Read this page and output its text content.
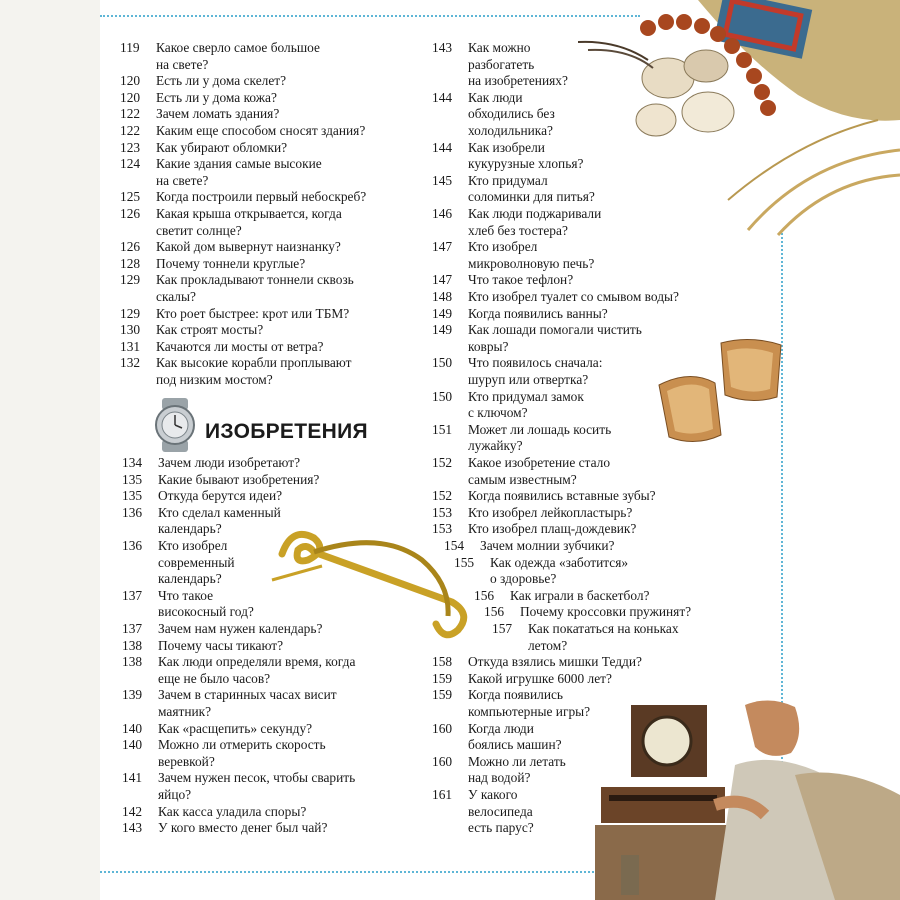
ИЗОБРЕТЕНИЯ
119	Какое сверло самое большое
на свете?
120	Есть ли у дома скелет?
120	Есть ли у дома кожа?
122	Зачем ломать здания?
122	Каким еще способом сносят здания?
123	Как убирают обломки?
124	Какие здания самые высокие
на свете?
125	Когда построили первый небоскреб?
126	Какая крыша открывается, когда
светит солнце?
126	Какой дом вывернут наизнанку?
128	Почему тоннели круглые?
129	Как прокладывают тоннели сквозь
скалы?
129	Кто роет быстрее: крот или ТБМ?
130	Как строят мосты?
131	Качаются ли мосты от ветра?
132	Как высокие корабли проплывают
под низким мостом?
134	Зачем люди изобретают?
135	Какие бывают изобретения?
135	Откуда берутся идеи?
136	Кто сделал каменный
календарь?
136	Кто изобрел
современный
календарь?
137	Что такое
високосный год?
137	Зачем нам нужен календарь?
138	Почему часы тикают?
138	Как люди определяли время, когда
еще не было часов?
139	Зачем в старинных часах висит
маятник?
140	Как «расщепить» секунду?
140	Можно ли отмерить скорость
веревкой?
141	Зачем нужен песок, чтобы сварить
яйцо?
142	Как касса уладила споры?
143	У кого вместо денег был чай?
143	Как можно
разбогатеть
на изобретениях?
144	Как люди
обходились без
холодильника?
144	Как изобрели
кукурузные хлопья?
145	Кто придумал
соломинки для питья?
146	Как люди поджаривали
хлеб без тостера?
147	Кто изобрел
микроволновую печь?
147	Что такое тефлон?
148	Кто изобрел туалет со смывом воды?
149	Когда появились ванны?
149	Как лошади помогали чистить
ковры?
150	Что появилось сначала:
шуруп или отвертка?
150	Кто придумал замок
с ключом?
151	Может ли лошадь косить
лужайку?
152	Какое изобретение стало
самым известным?
152	Когда появились вставные зубы?
153	Кто изобрел лейкопластырь?
153	Кто изобрел плащ-дождевик?
154	Зачем молнии зубчики?
155	Как одежда «заботится»
о здоровье?
156	Как играли в баскетбол?
156	Почему кроссовки пружинят?
157	Как покататься на коньках
летом?
158	Откуда взялись мишки Тедди?
159	Какой игрушке 6000 лет?
159	Когда появились
компьютерные игры?
160	Когда люди
боялись машин?
160	Можно ли летать
над водой?
161	У какого
велосипеда
есть парус?
